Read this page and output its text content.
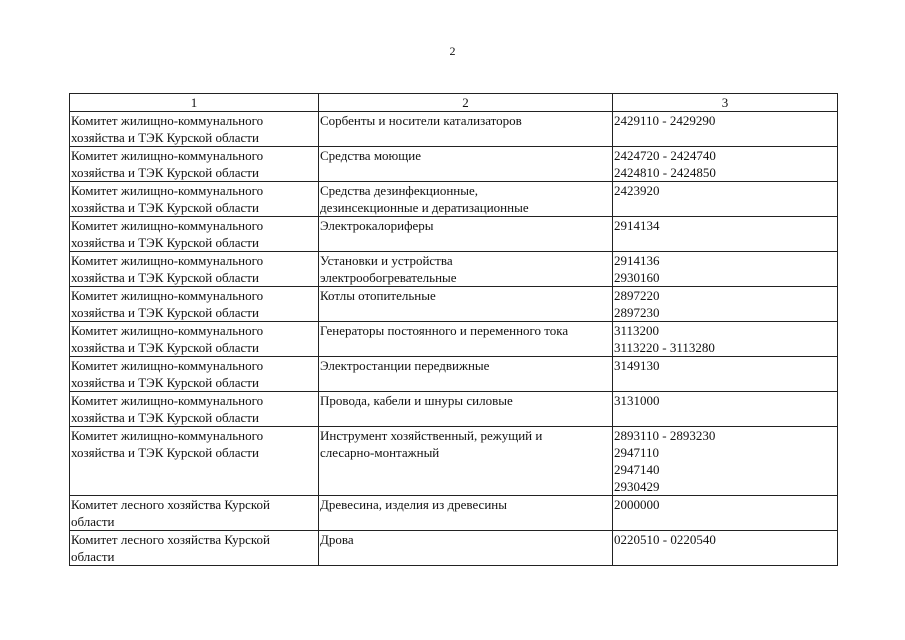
2
1	2	3

Комитет жилищно-коммунального
хозяйства и ТЭК Курской области	Сорбенты и носители катализаторов	2429110 - 2429290

Комитет жилищно-коммунального
хозяйства и ТЭК Курской области	Средства моющие	2424720 - 2424740
2424810 - 2424850

Комитет жилищно-коммунального
хозяйства и ТЭК Курской области	Средства дезинфекционные,
дезинсекционные и дератизационные	2423920

Комитет жилищно-коммунального
хозяйства и ТЭК Курской области	Электрокалориферы	2914134

Комитет жилищно-коммунального
хозяйства и ТЭК Курской области	Установки и устройства
электрообогревательные	2914136
2930160

Комитет жилищно-коммунального
хозяйства и ТЭК Курской области	Котлы отопительные	2897220
2897230

Комитет жилищно-коммунального
хозяйства и ТЭК Курской области	Генераторы постоянного и переменного тока	3113200
3113220 - 3113280

Комитет жилищно-коммунального
хозяйства и ТЭК Курской области	Электростанции передвижные	3149130

Комитет жилищно-коммунального
хозяйства и ТЭК Курской области	Провода, кабели и шнуры силовые	3131000

Комитет жилищно-коммунального
хозяйства и ТЭК Курской области	Инструмент хозяйственный, режущий и
слесарно-монтажный	2893110 - 2893230
2947110
2947140
2930429

Комитет лесного хозяйства Курской
области	Древесина, изделия из древесины	2000000

Комитет лесного хозяйства Курской
области	Дрова	0220510 - 0220540
